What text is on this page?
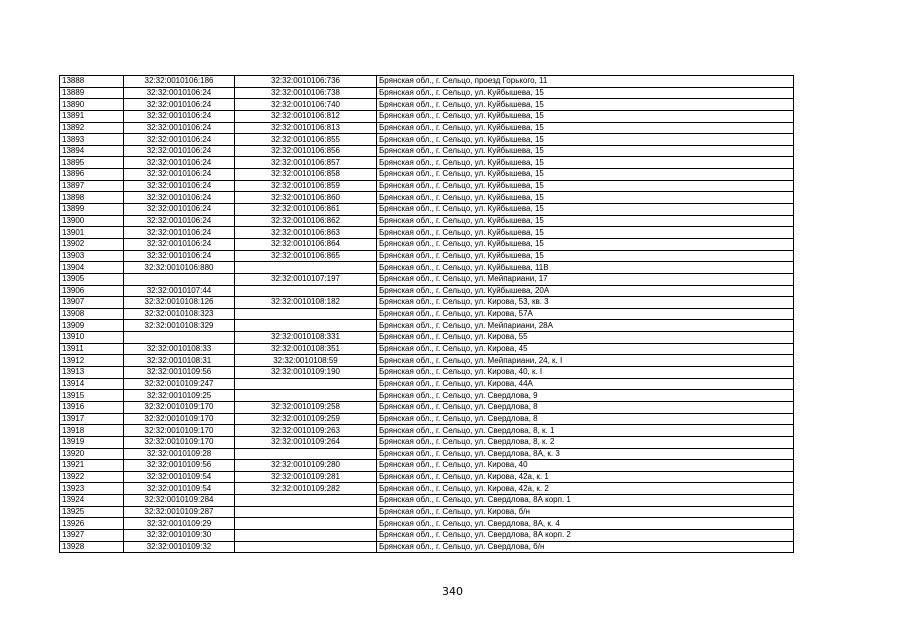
13888	32:32:0010106:186	32:32:0010106:736	Брянская обл., г. Сельцо, проезд Горького, 11
13889	32:32:0010106:24	32:32:0010106:738	Брянская обл., г. Сельцо, ул. Куйбышева, 15
13890	32:32:0010106:24	32:32:0010106:740	Брянская обл., г. Сельцо, ул. Куйбышева, 15
13891	32:32:0010106:24	32:32:0010106:812	Брянская обл., г. Сельцо, ул. Куйбышева, 15
13892	32:32:0010106:24	32:32:0010106:813	Брянская обл., г. Сельцо, ул. Куйбышева, 15
13893	32:32:0010106:24	32:32:0010106:855	Брянская обл., г. Сельцо, ул. Куйбышева, 15
13894	32:32:0010106:24	32:32:0010106:856	Брянская обл., г. Сельцо, ул. Куйбышева, 15
13895	32:32:0010106:24	32:32:0010106:857	Брянская обл., г. Сельцо, ул. Куйбышева, 15
13896	32:32:0010106:24	32:32:0010106:858	Брянская обл., г. Сельцо, ул. Куйбышева, 15
13897	32:32:0010106:24	32:32:0010106:859	Брянская обл., г. Сельцо, ул. Куйбышева, 15
13898	32:32:0010106:24	32:32:0010106:860	Брянская обл., г. Сельцо, ул. Куйбышева, 15
13899	32:32:0010106:24	32:32:0010106:861	Брянская обл., г. Сельцо, ул. Куйбышева, 15
13900	32:32:0010106:24	32:32:0010106:862	Брянская обл., г. Сельцо, ул. Куйбышева, 15
13901	32:32:0010106:24	32:32:0010106:863	Брянская обл., г. Сельцо, ул. Куйбышева, 15
13902	32:32:0010106:24	32:32:0010106:864	Брянская обл., г. Сельцо, ул. Куйбышева, 15
13903	32:32:0010106:24	32:32:0010106:865	Брянская обл., г. Сельцо, ул. Куйбышева, 15
13904	32:32:0010106:880		Брянская обл., г. Сельцо, ул. Куйбышева, 11В
13905		32:32:0010107:197	Брянская обл., г. Сельцо, ул. Мейпариани, 17
13906	32:32:0010107:44		Брянская обл., г. Сельцо, ул. Куйбышева, 20А
13907	32:32:0010108:126	32:32:0010108:182	Брянская обл., г. Сельцо, ул. Кирова, 53, кв. 3
13908	32:32:0010108:323		Брянская обл., г. Сельцо, ул. Кирова, 57А
13909	32:32:0010108:329		Брянская обл., г. Сельцо, ул. Мейпариани, 28А
13910		32:32:0010108:331	Брянская обл., г. Сельцо, ул. Кирова, 55
13911	32:32:0010108:33	32:32:0010108:351	Брянская обл., г. Сельцо, ул. Кирова, 45
13912	32:32:0010108:31	32:32:0010108:59	Брянская обл., г. Сельцо, ул. Мейпариани, 24, к. I
13913	32:32:0010109:56	32:32:0010109:190	Брянская обл., г. Сельцо, ул. Кирова, 40, к. I
13914	32:32:0010109:247		Брянская обл., г. Сельцо, ул. Кирова, 44А
13915	32:32:0010109:25		Брянская обл., г. Сельцо, ул. Свердлова, 9
13916	32:32:0010109:170	32:32:0010109:258	Брянская обл., г. Сельцо, ул. Свердлова, 8
13917	32:32:0010109:170	32:32:0010109:259	Брянская обл., г. Сельцо, ул. Свердлова, 8
13918	32:32:0010109:170	32:32:0010109:263	Брянская обл., г. Сельцо, ул. Свердлова, 8, к. 1
13919	32:32:0010109:170	32:32:0010109:264	Брянская обл., г. Сельцо, ул. Свердлова, 8, к. 2
13920	32:32:0010109:28		Брянская обл., г. Сельцо, ул. Свердлова, 8А, к. 3
13921	32:32:0010109:56	32:32:0010109:280	Брянская обл., г. Сельцо, ул. Кирова, 40
13922	32:32:0010109:54	32:32:0010109:281	Брянская обл., г. Сельцо, ул. Кирова, 42а, к. 1
13923	32:32:0010109:54	32:32:0010109:282	Брянская обл., г. Сельцо, ул. Кирова, 42а, к. 2
13924	32:32:0010109:284		Брянская обл., г. Сельцо, ул. Свердлова, 8А корп. 1
13925	32:32:0010109:287		Брянская обл., г. Сельцо, ул. Кирова, б/н
13926	32:32:0010109:29		Брянская обл., г. Сельцо, ул. Свердлова, 8А, к. 4
13927	32:32:0010109:30		Брянская обл., г. Сельцо, ул. Свердлова, 8А корп. 2
13928	32:32:0010109:32		Брянская обл., г. Сельцо, ул. Свердлова, б/н
340
